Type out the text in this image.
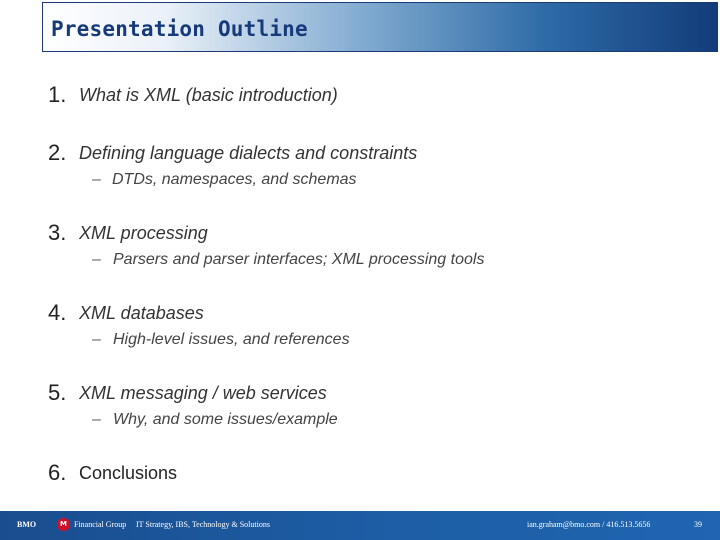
Presentation Outline
1. What is XML (basic introduction)
2. Defining language dialects and constraints
– DTDs, namespaces, and schemas
3. XML processing
– Parsers and parser interfaces; XML processing tools
4. XML databases
– High-level issues, and references
5. XML messaging / web services
– Why, and some issues/example
6. Conclusions
BMO	M Financial Group IT Strategy, IBS, Technology & Solutions	ian.graham@bmo.com / 416.513.5656	39
